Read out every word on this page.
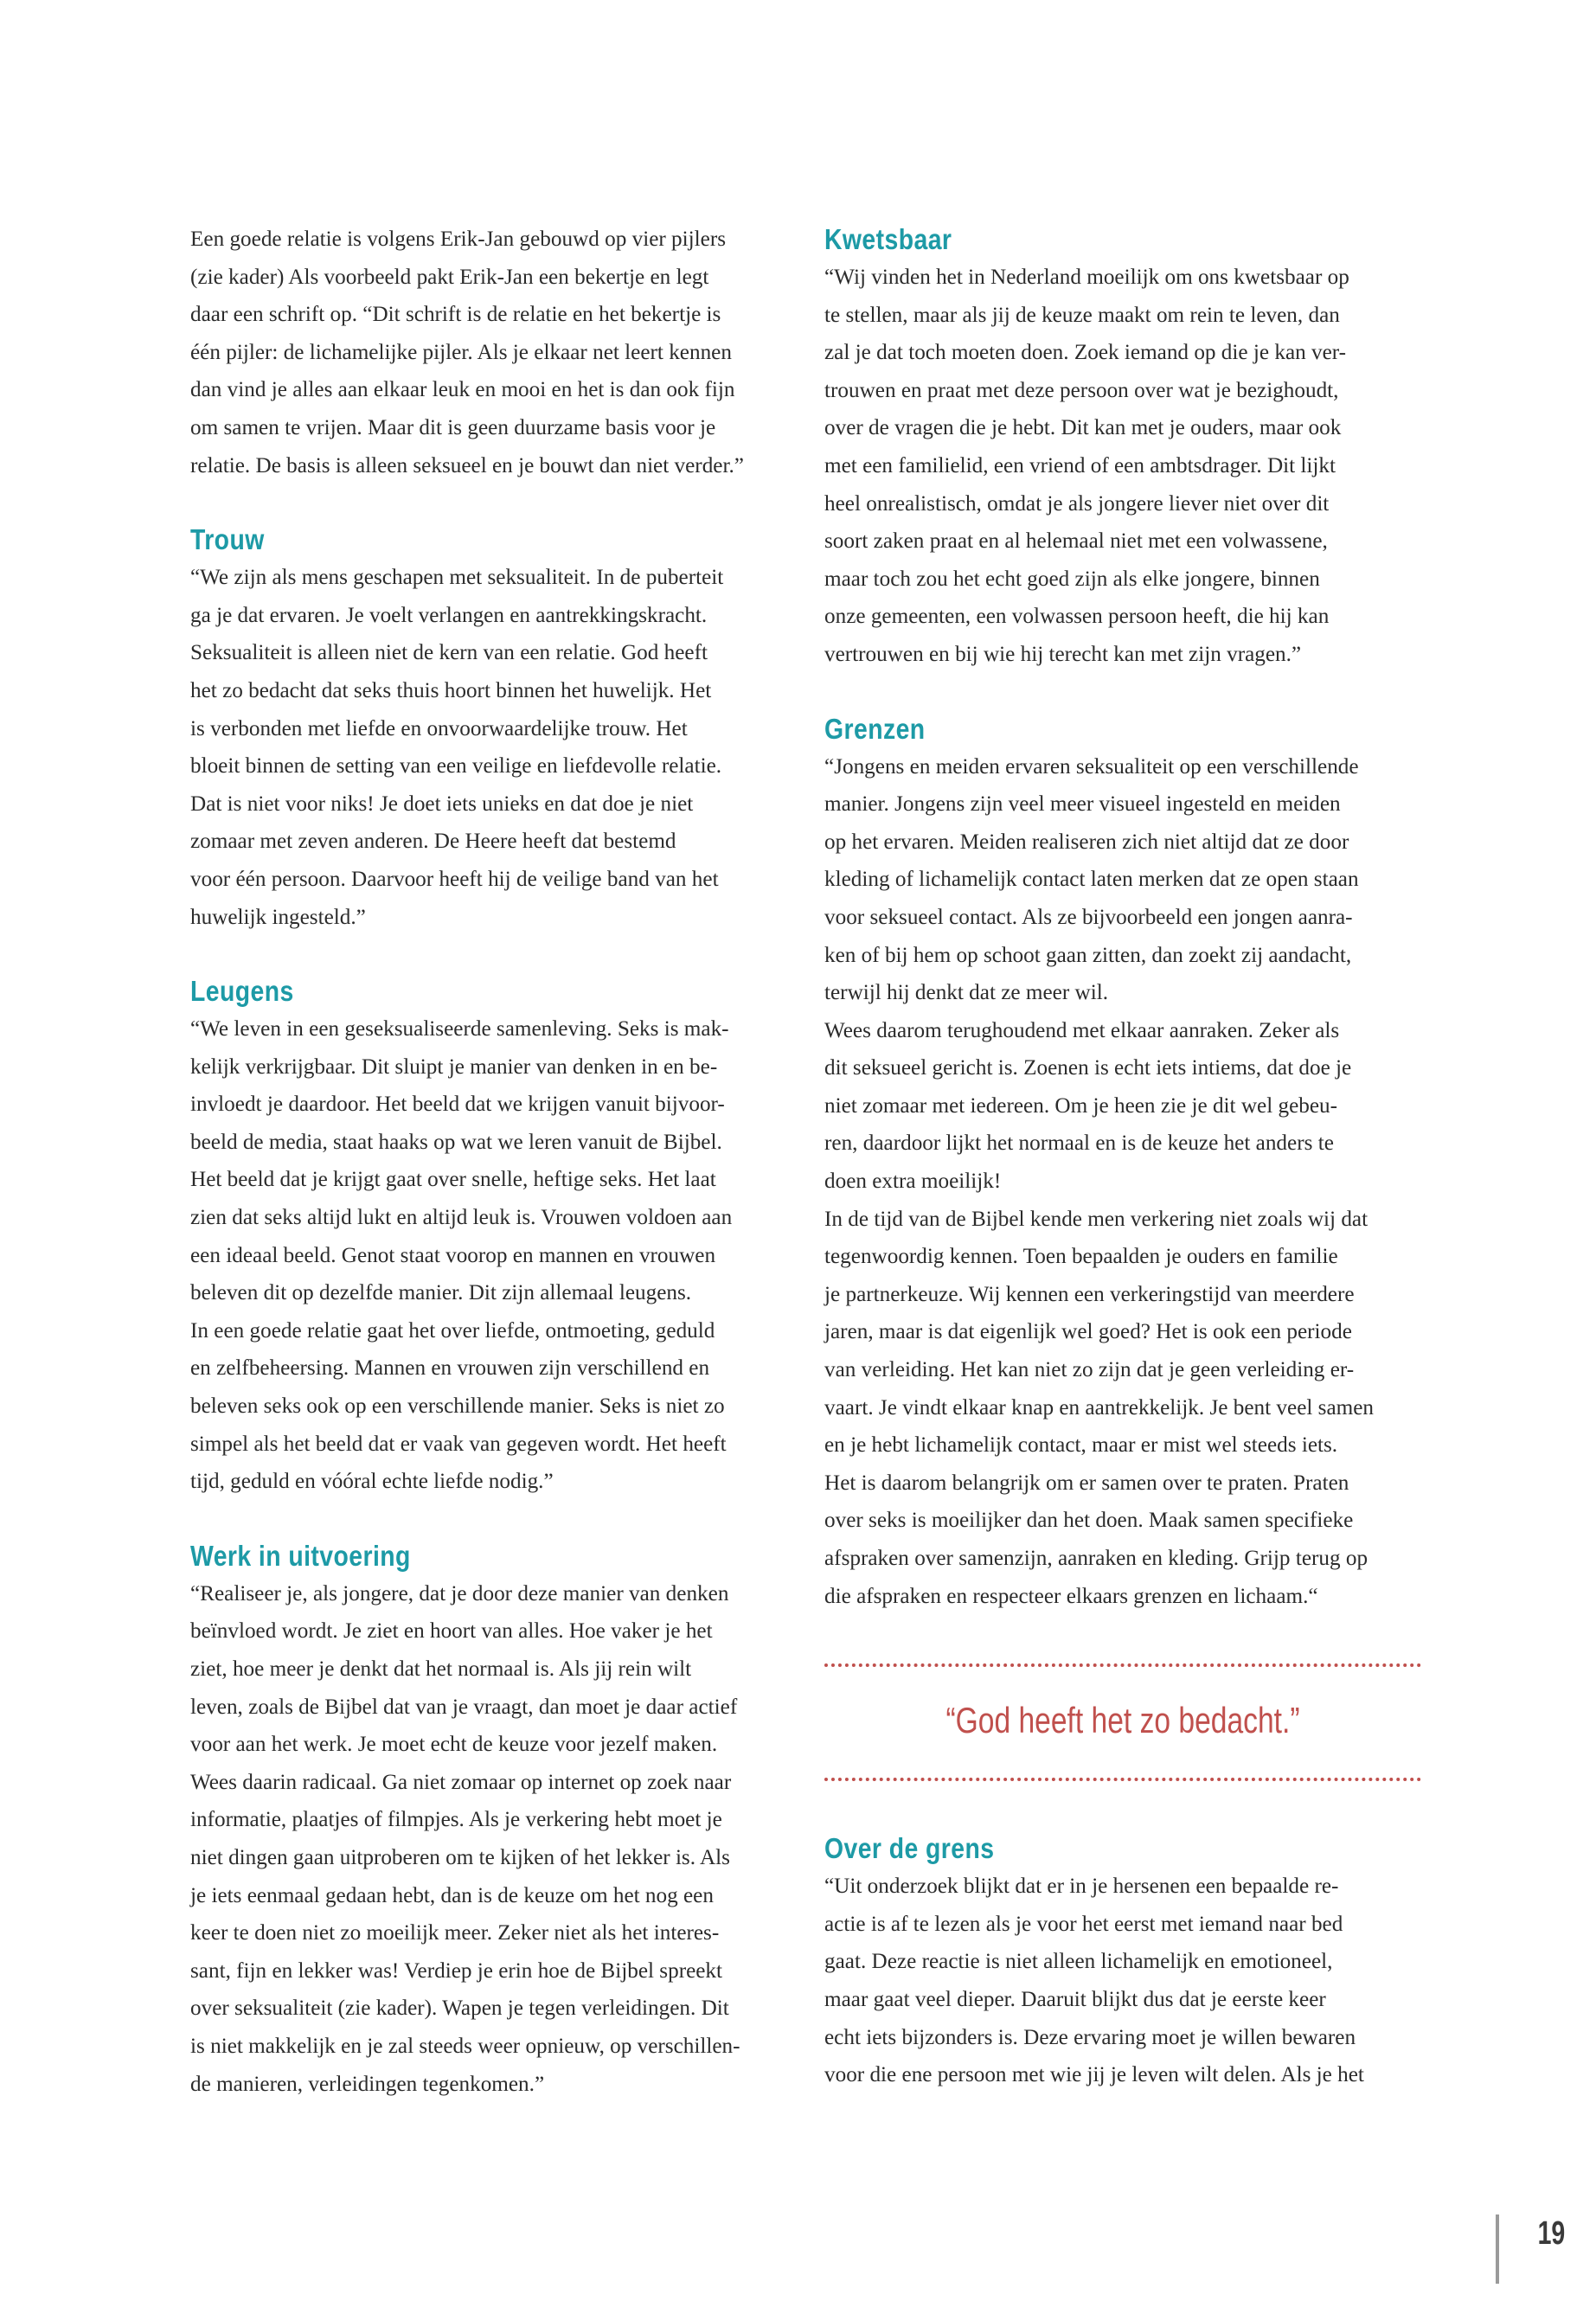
Een goede relatie is volgens Erik-Jan gebouwd op vier pijlers
(zie kader) Als voorbeeld pakt Erik-Jan een bekertje en legt
daar een schrift op. “Dit schrift is de relatie en het bekertje is
één pijler: de lichamelijke pijler. Als je elkaar net leert kennen
dan vind je alles aan elkaar leuk en mooi en het is dan ook fijn
om samen te vrijen. Maar dit is geen duurzame basis voor je
relatie. De basis is alleen seksueel en je bouwt dan niet verder.”

Trouw

“We zijn als mens geschapen met seksualiteit. In de puberteit
ga je dat ervaren. Je voelt verlangen en aantrekkingskracht.
Seksualiteit is alleen niet de kern van een relatie. God heeft
het zo bedacht dat seks thuis hoort binnen het huwelijk. Het
is verbonden met liefde en onvoorwaardelijke trouw. Het
bloeit binnen de setting van een veilige en liefdevolle relatie.
Dat is niet voor niks! Je doet iets unieks en dat doe je niet
zomaar met zeven anderen. De Heere heeft dat bestemd
voor één persoon. Daarvoor heeft hij de veilige band van het
huwelijk ingesteld.”

Leugens

“We leven in een geseksualiseerde samenleving. Seks is mak-
kelijk verkrijgbaar. Dit sluipt je manier van denken in en be-
invloedt je daardoor. Het beeld dat we krijgen vanuit bijvoor-
beeld de media, staat haaks op wat we leren vanuit de Bijbel.
Het beeld dat je krijgt gaat over snelle, heftige seks. Het laat
zien dat seks altijd lukt en altijd leuk is. Vrouwen voldoen aan
een ideaal beeld. Genot staat voorop en mannen en vrouwen
beleven dit op dezelfde manier. Dit zijn allemaal leugens.
In een goede relatie gaat het over liefde, ontmoeting, geduld
en zelfbeheersing. Mannen en vrouwen zijn verschillend en
beleven seks ook op een verschillende manier. Seks is niet zo
simpel als het beeld dat er vaak van gegeven wordt. Het heeft
tijd, geduld en vóóral echte liefde nodig.”

Werk in uitvoering

“Realiseer je, als jongere, dat je door deze manier van denken
beïnvloed wordt. Je ziet en hoort van alles. Hoe vaker je het
ziet, hoe meer je denkt dat het normaal is. Als jij rein wilt
leven, zoals de Bijbel dat van je vraagt, dan moet je daar actief
voor aan het werk. Je moet echt de keuze voor jezelf maken.
Wees daarin radicaal. Ga niet zomaar op internet op zoek naar
informatie, plaatjes of filmpjes. Als je verkering hebt moet je
niet dingen gaan uitproberen om te kijken of het lekker is. Als
je iets eenmaal gedaan hebt, dan is de keuze om het nog een
keer te doen niet zo moeilijk meer. Zeker niet als het interes-
sant, fijn en lekker was! Verdiep je erin hoe de Bijbel spreekt
over seksualiteit (zie kader). Wapen je tegen verleidingen. Dit
is niet makkelijk en je zal steeds weer opnieuw, op verschillen-
de manieren, verleidingen tegenkomen.”

Kwetsbaar

“Wij vinden het in Nederland moeilijk om ons kwetsbaar op
te stellen, maar als jij de keuze maakt om rein te leven, dan
zal je dat toch moeten doen. Zoek iemand op die je kan ver-
trouwen en praat met deze persoon over wat je bezighoudt,
over de vragen die je hebt. Dit kan met je ouders, maar ook
met een familielid, een vriend of een ambtsdrager. Dit lijkt
heel onrealistisch, omdat je als jongere liever niet over dit
soort zaken praat en al helemaal niet met een volwassene,
maar toch zou het echt goed zijn als elke jongere, binnen
onze gemeenten, een volwassen persoon heeft, die hij kan
vertrouwen en bij wie hij terecht kan met zijn vragen.”

Grenzen

“Jongens en meiden ervaren seksualiteit op een verschillende
manier. Jongens zijn veel meer visueel ingesteld en meiden
op het ervaren. Meiden realiseren zich niet altijd dat ze door
kleding of lichamelijk contact laten merken dat ze open staan
voor seksueel contact. Als ze bijvoorbeeld een jongen aanra-
ken of bij hem op schoot gaan zitten, dan zoekt zij aandacht,
terwijl hij denkt dat ze meer wil.
Wees daarom terughoudend met elkaar aanraken. Zeker als
dit seksueel gericht is. Zoenen is echt iets intiems, dat doe je
niet zomaar met iedereen. Om je heen zie je dit wel gebeu-
ren, daardoor lijkt het normaal en is de keuze het anders te
doen extra moeilijk!
In de tijd van de Bijbel kende men verkering niet zoals wij dat
tegenwoordig kennen. Toen bepaalden je ouders en familie
je partnerkeuze. Wij kennen een verkeringstijd van meerdere
jaren, maar is dat eigenlijk wel goed? Het is ook een periode
van verleiding. Het kan niet zo zijn dat je geen verleiding er-
vaart. Je vindt elkaar knap en aantrekkelijk. Je bent veel samen
en je hebt lichamelijk contact, maar er mist wel steeds iets.
Het is daarom belangrijk om er samen over te praten. Praten
over seks is moeilijker dan het doen. Maak samen specifieke
afspraken over samenzijn, aanraken en kleding. Grijp terug op
die afspraken en respecteer elkaars grenzen en lichaam.“

“God heeft het zo bedacht.”
Over de grens

“Uit onderzoek blijkt dat er in je hersenen een bepaalde re-
actie is af te lezen als je voor het eerst met iemand naar bed
gaat. Deze reactie is niet alleen lichamelijk en emotioneel,
maar gaat veel dieper. Daaruit blijkt dus dat je eerste keer
echt iets bijzonders is. Deze ervaring moet je willen bewaren
voor die ene persoon met wie jij je leven wilt delen. Als je het

19
